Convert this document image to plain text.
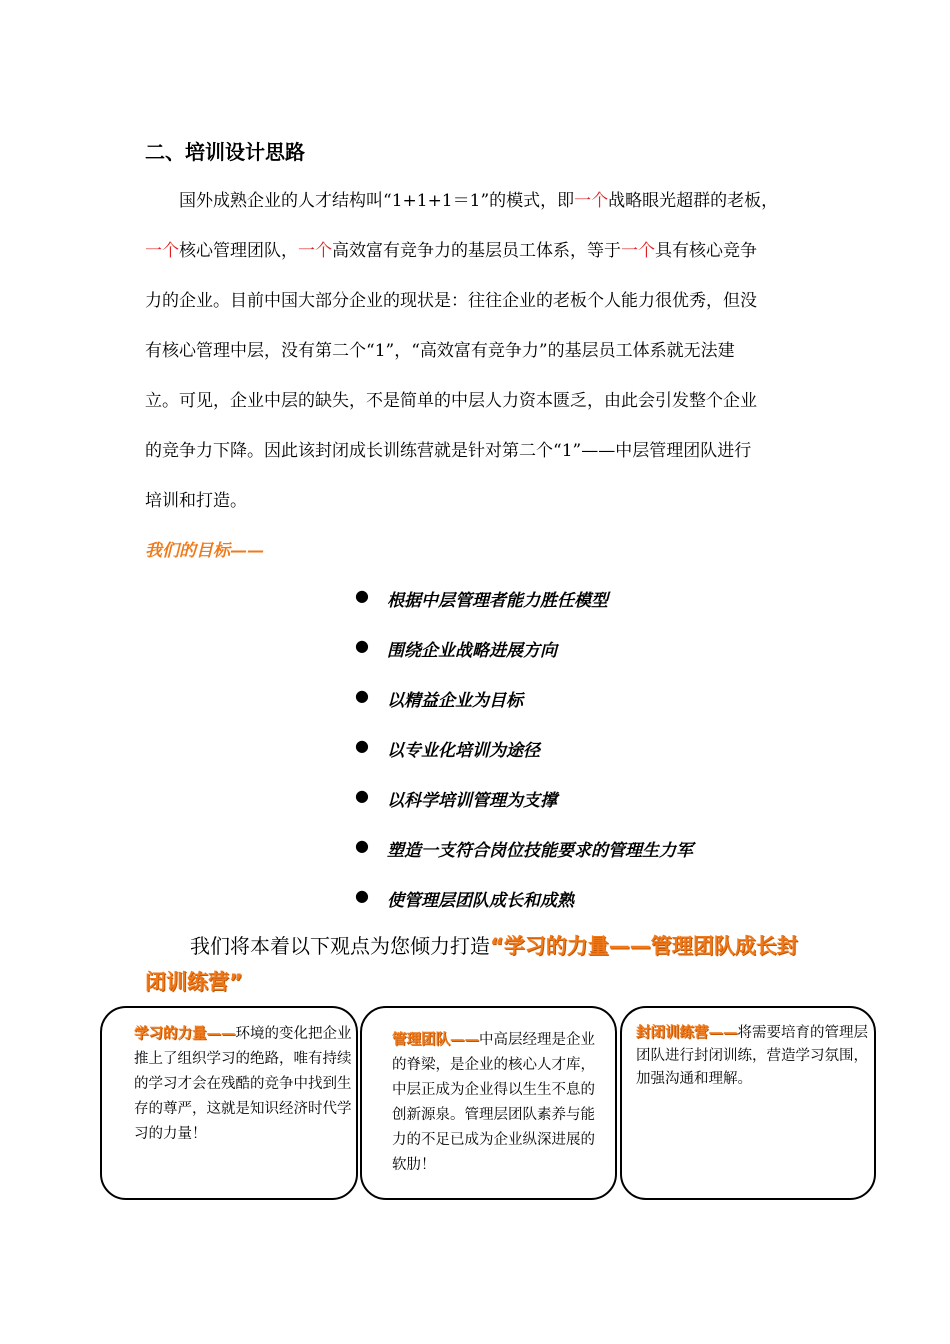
二、培训设计思路

　　国外成熟企业的人才结构叫“1+1+1＝1”的模式，即一个战略眼光超群的老板，
一个核心管理团队，一个高效富有竞争力的基层员工体系，等于一个具有核心竞争
力的企业。目前中国大部分企业的现状是：往往企业的老板个人能力很优秀，但没
有核心管理中层，没有第二个“1”，“高效富有竞争力”的基层员工体系就无法建
立。可见，企业中层的缺失，不是简单的中层人力资本匮乏，由此会引发整个企业
的竞争力下降。因此该封闭成长训练营就是针对第二个“1”——中层管理团队进行
培训和打造。

我们的目标——
●	根据中层管理者能力胜任模型
●	围绕企业战略进展方向
●	以精益企业为目标
●	以专业化培训为途径
●	以科学培训管理为支撑
●	塑造一支符合岗位技能要求的管理生力军
●	使管理层团队成长和成熟
我们将本着以下观点为您倾力打造“学习的力量——管理团队成长封
闭训练营”
学习的力量——环境的变化把企业推上了组织学习的绝路，唯有持续的学习才会在残酷的竞争中找到生存的尊严，这就是知识经济时代学习的力量！
管理团队——中高层经理是企业的脊梁，是企业的核心人才库，中层正成为企业得以生生不息的创新源泉。管理层团队素养与能力的不足已成为企业纵深进展的软肋！
封闭训练营——将需要培育的管理层团队进行封闭训练，营造学习氛围，加强沟通和理解。
